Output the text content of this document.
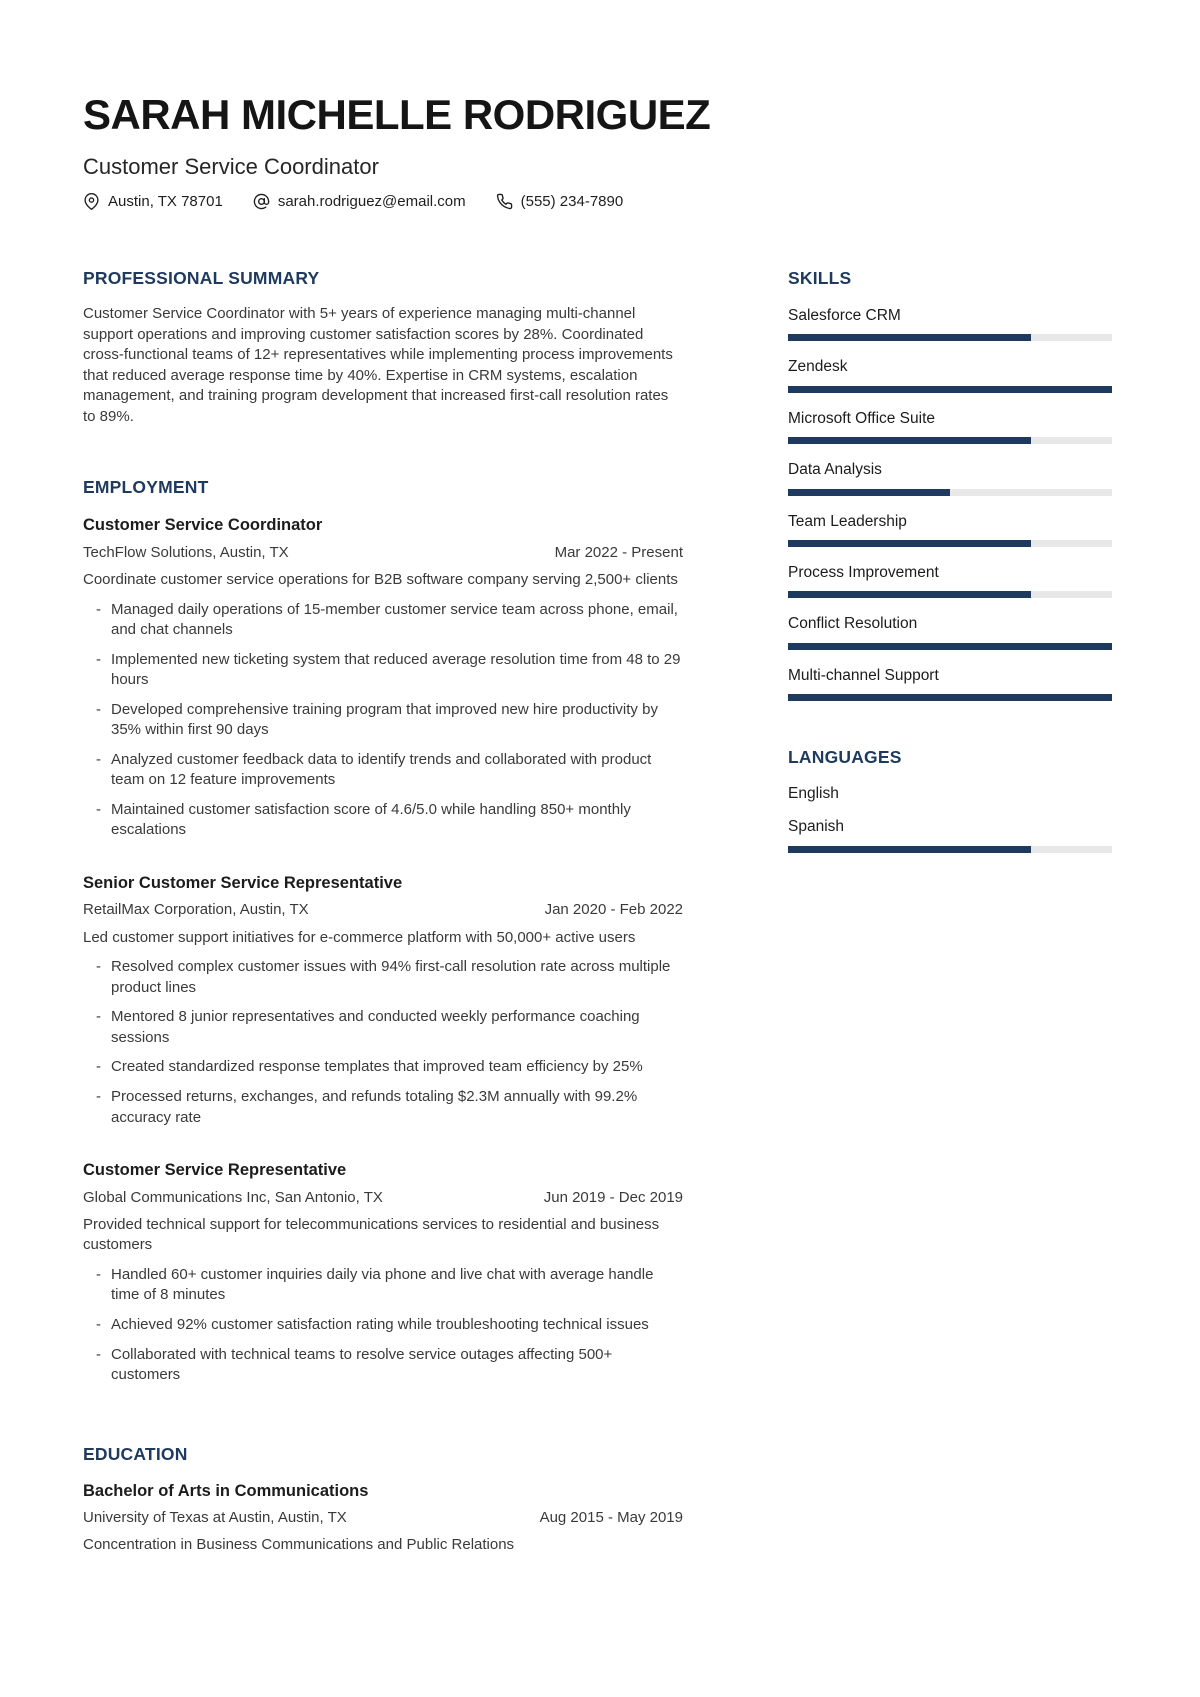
SARAH MICHELLE RODRIGUEZ
Customer Service Coordinator
Austin, TX 78701	sarah.rodriguez@email.com	(555) 234-7890
PROFESSIONAL SUMMARY

Customer Service Coordinator with 5+ years of experience managing multi-channel support operations and improving customer satisfaction scores by 28%. Coordinated cross-functional teams of 12+ representatives while implementing process improvements that reduced average response time by 40%. Expertise in CRM systems, escalation management, and training program development that increased first-call resolution rates to 89%.

EMPLOYMENT
Customer Service Coordinator
TechFlow Solutions, Austin, TX	Mar 2022 - Present
Coordinate customer service operations for B2B software company serving 2,500+ clients
- Managed daily operations of 15-member customer service team across phone, email, and chat channels
- Implemented new ticketing system that reduced average resolution time from 48 to 29 hours
- Developed comprehensive training program that improved new hire productivity by 35% within first 90 days
- Analyzed customer feedback data to identify trends and collaborated with product team on 12 feature improvements
- Maintained customer satisfaction score of 4.6/5.0 while handling 850+ monthly escalations
Senior Customer Service Representative
RetailMax Corporation, Austin, TX	Jan 2020 - Feb 2022
Led customer support initiatives for e-commerce platform with 50,000+ active users
- Resolved complex customer issues with 94% first-call resolution rate across multiple product lines
- Mentored 8 junior representatives and conducted weekly performance coaching sessions
- Created standardized response templates that improved team efficiency by 25%
- Processed returns, exchanges, and refunds totaling $2.3M annually with 99.2% accuracy rate
Customer Service Representative
Global Communications Inc, San Antonio, TX	Jun 2019 - Dec 2019
Provided technical support for telecommunications services to residential and business customers
- Handled 60+ customer inquiries daily via phone and live chat with average handle time of 8 minutes
- Achieved 92% customer satisfaction rating while troubleshooting technical issues
- Collaborated with technical teams to resolve service outages affecting 500+ customers
EDUCATION
Bachelor of Arts in Communications
University of Texas at Austin, Austin, TX	Aug 2015 - May 2019
Concentration in Business Communications and Public Relations
SKILLS
Salesforce CRM
Zendesk
Microsoft Office Suite
Data Analysis
Team Leadership
Process Improvement
Conflict Resolution
Multi-channel Support
LANGUAGES
English
Spanish
